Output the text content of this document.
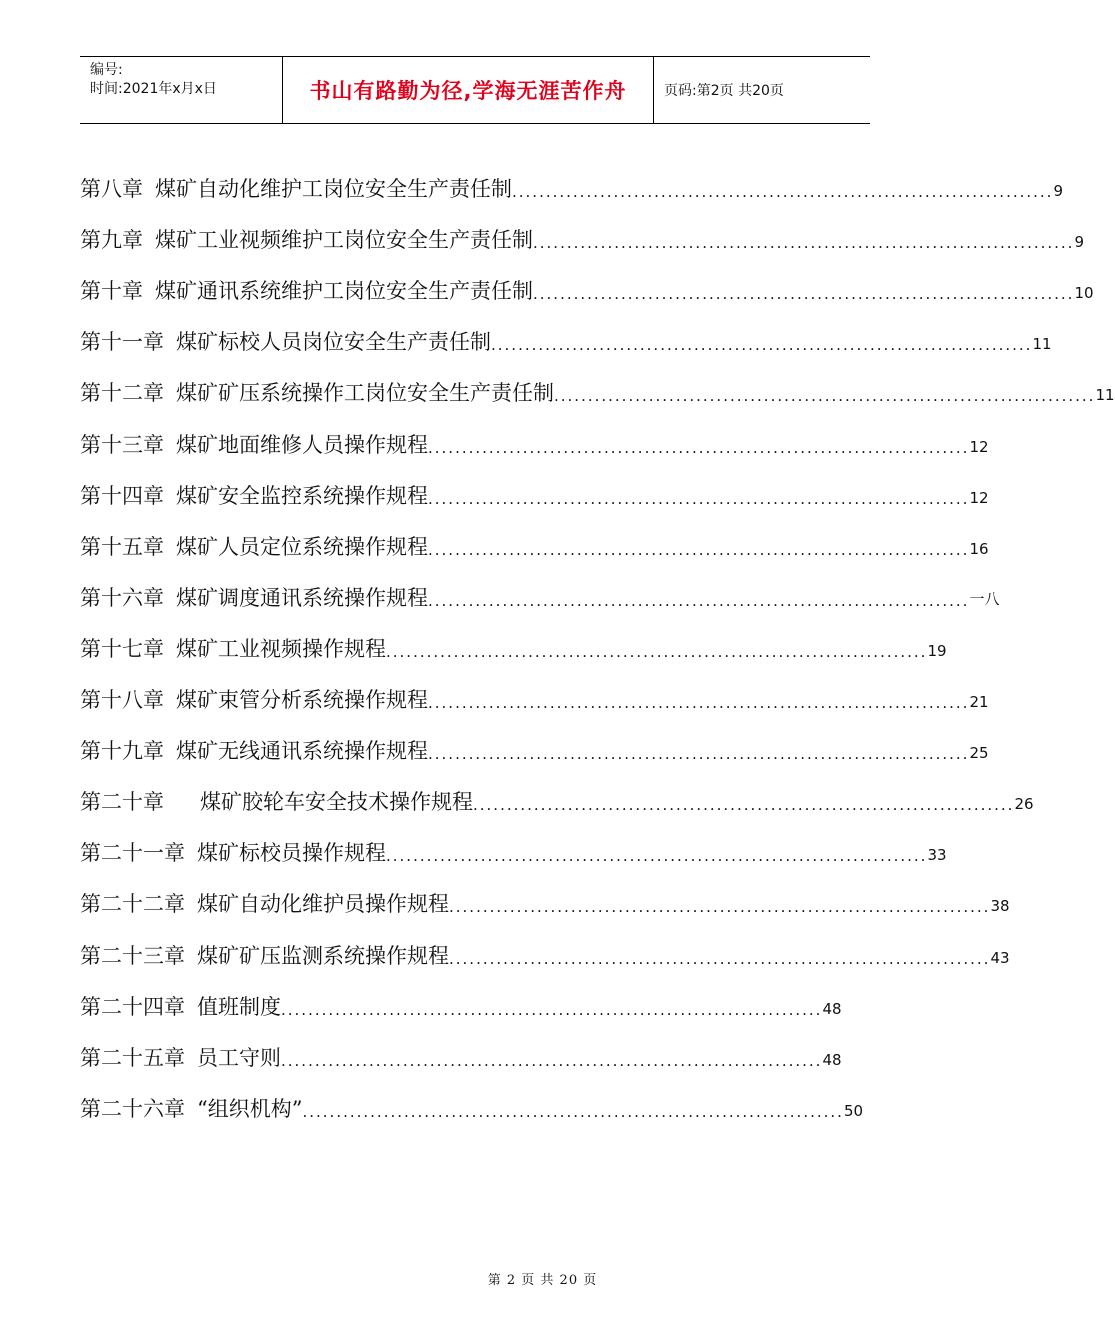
编号:
时间:2021年x月x日	书山有路勤为径,学海无涯苦作舟	页码:第2页 共20页
第八章 煤矿自动化维护工岗位安全生产责任制 ................................................................................ 9
第九章 煤矿工业视频维护工岗位安全生产责任制 ................................................................................ 9
第十章 煤矿通讯系统维护工岗位安全生产责任制 ................................................................................ 10
第十一章 煤矿标校人员岗位安全生产责任制 ................................................................................ 11
第十二章 煤矿矿压系统操作工岗位安全生产责任制 ................................................................................ 11
第十三章 煤矿地面维修人员操作规程 ................................................................................ 12
第十四章 煤矿安全监控系统操作规程 ................................................................................ 12
第十五章 煤矿人员定位系统操作规程 ................................................................................ 16
第十六章 煤矿调度通讯系统操作规程 ................................................................................ 一八
第十七章 煤矿工业视频操作规程 ................................................................................ 19
第十八章 煤矿束管分析系统操作规程 ................................................................................ 21
第十九章 煤矿无线通讯系统操作规程 ................................................................................ 25
第二十章 煤矿胶轮车安全技术操作规程 ................................................................................ 26
第二十一章 煤矿标校员操作规程 ................................................................................ 33
第二十二章 煤矿自动化维护员操作规程 ................................................................................ 38
第二十三章 煤矿矿压监测系统操作规程 ................................................................................ 43
第二十四章 值班制度 ................................................................................ 48
第二十五章 员工守则 ................................................................................ 48
第二十六章 “组织机构” ................................................................................ 50
第 2 页 共 20 页
